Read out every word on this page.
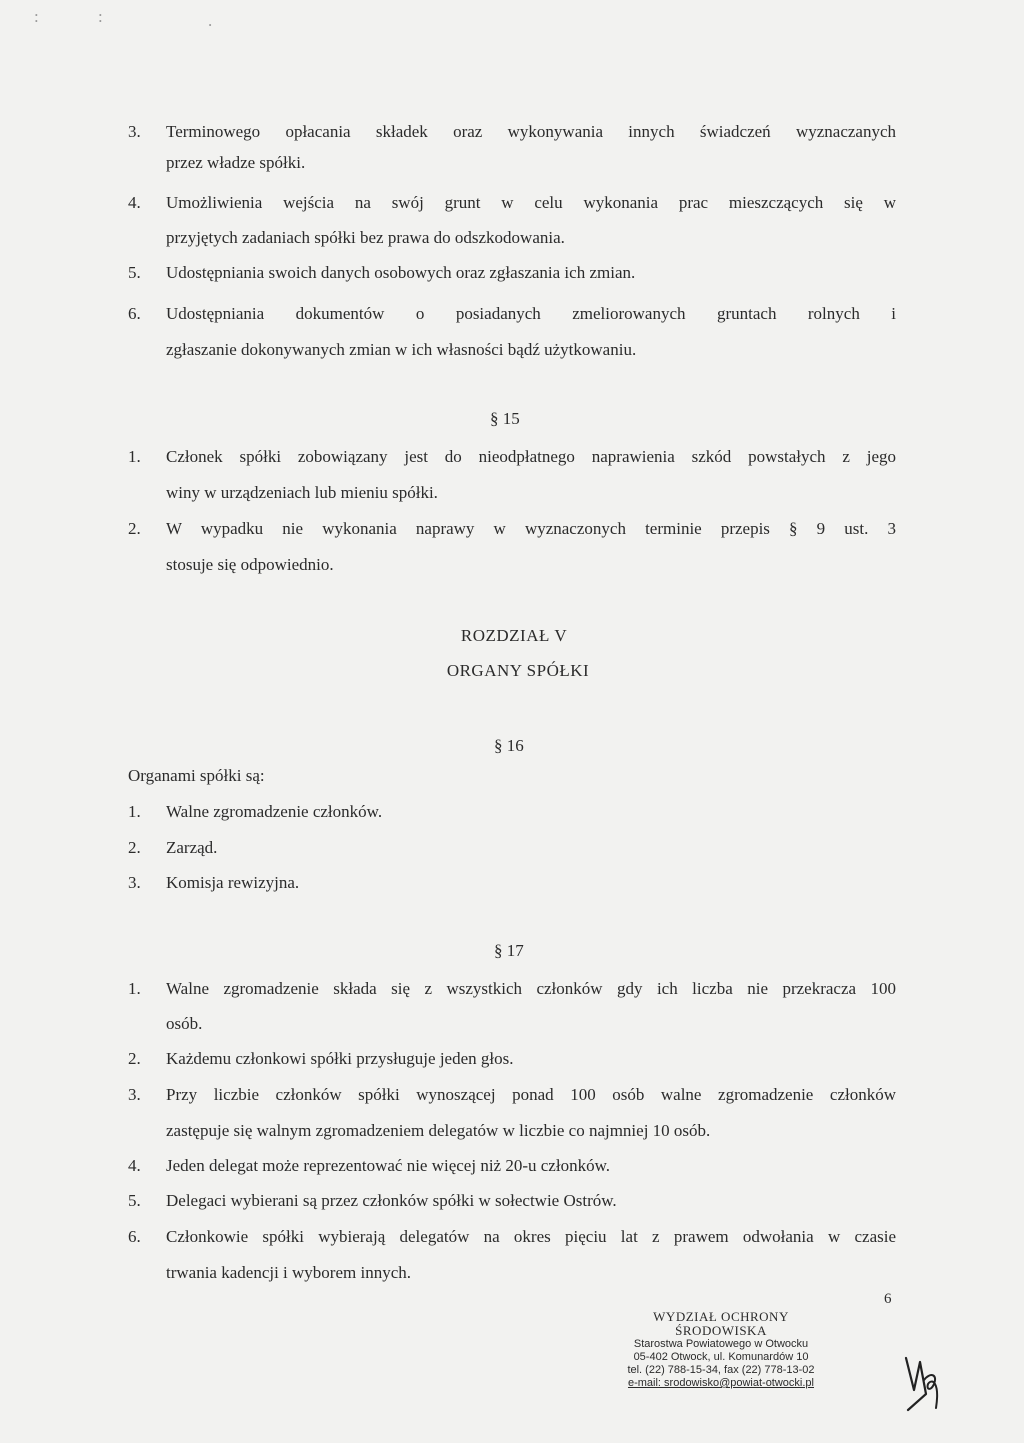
:	:	.
3. Terminowego opłacania składek oraz wykonywania innych świadczeń wyznaczanych
przez władze spółki.
4. Umożliwienia wejścia na swój grunt w celu wykonania prac mieszczących się w
przyjętych zadaniach spółki bez prawa do odszkodowania.
5. Udostępniania swoich danych osobowych oraz zgłaszania ich zmian.
6. Udostępniania dokumentów o posiadanych zmeliorowanych gruntach rolnych i
zgłaszanie dokonywanych zmian w ich własności bądź użytkowaniu.
§ 15
1. Członek spółki zobowiązany jest do nieodpłatnego naprawienia szkód powstałych z jego
winy w urządzeniach lub mieniu spółki.
2. W wypadku nie wykonania naprawy w wyznaczonych terminie przepis § 9 ust. 3
stosuje się odpowiednio.
ROZDZIAŁ V
ORGANY SPÓŁKI
§ 16
Organami spółki są:
1. Walne zgromadzenie członków.
2. Zarząd.
3. Komisja rewizyjna.
§ 17
1. Walne zgromadzenie składa się z wszystkich członków gdy ich liczba nie przekracza 100
osób.
2. Każdemu członkowi spółki przysługuje jeden głos.
3. Przy liczbie członków spółki wynoszącej ponad 100 osób walne zgromadzenie członków
zastępuje się walnym zgromadzeniem delegatów w liczbie co najmniej 10 osób.
4. Jeden delegat może reprezentować nie więcej niż 20-u członków.
5. Delegaci wybierani są przez członków spółki w sołectwie Ostrów.
6. Członkowie spółki wybierają delegatów na okres pięciu lat z prawem odwołania w czasie
trwania kadencji i wyborem innych.
6
WYDZIAŁ OCHRONY
ŚRODOWISKA
Starostwa Powiatowego w Otwocku
05-402 Otwock, ul. Komunardów 10
tel. (22) 788-15-34, fax (22) 778-13-02
e-mail: srodowisko@powiat-otwocki.pl
